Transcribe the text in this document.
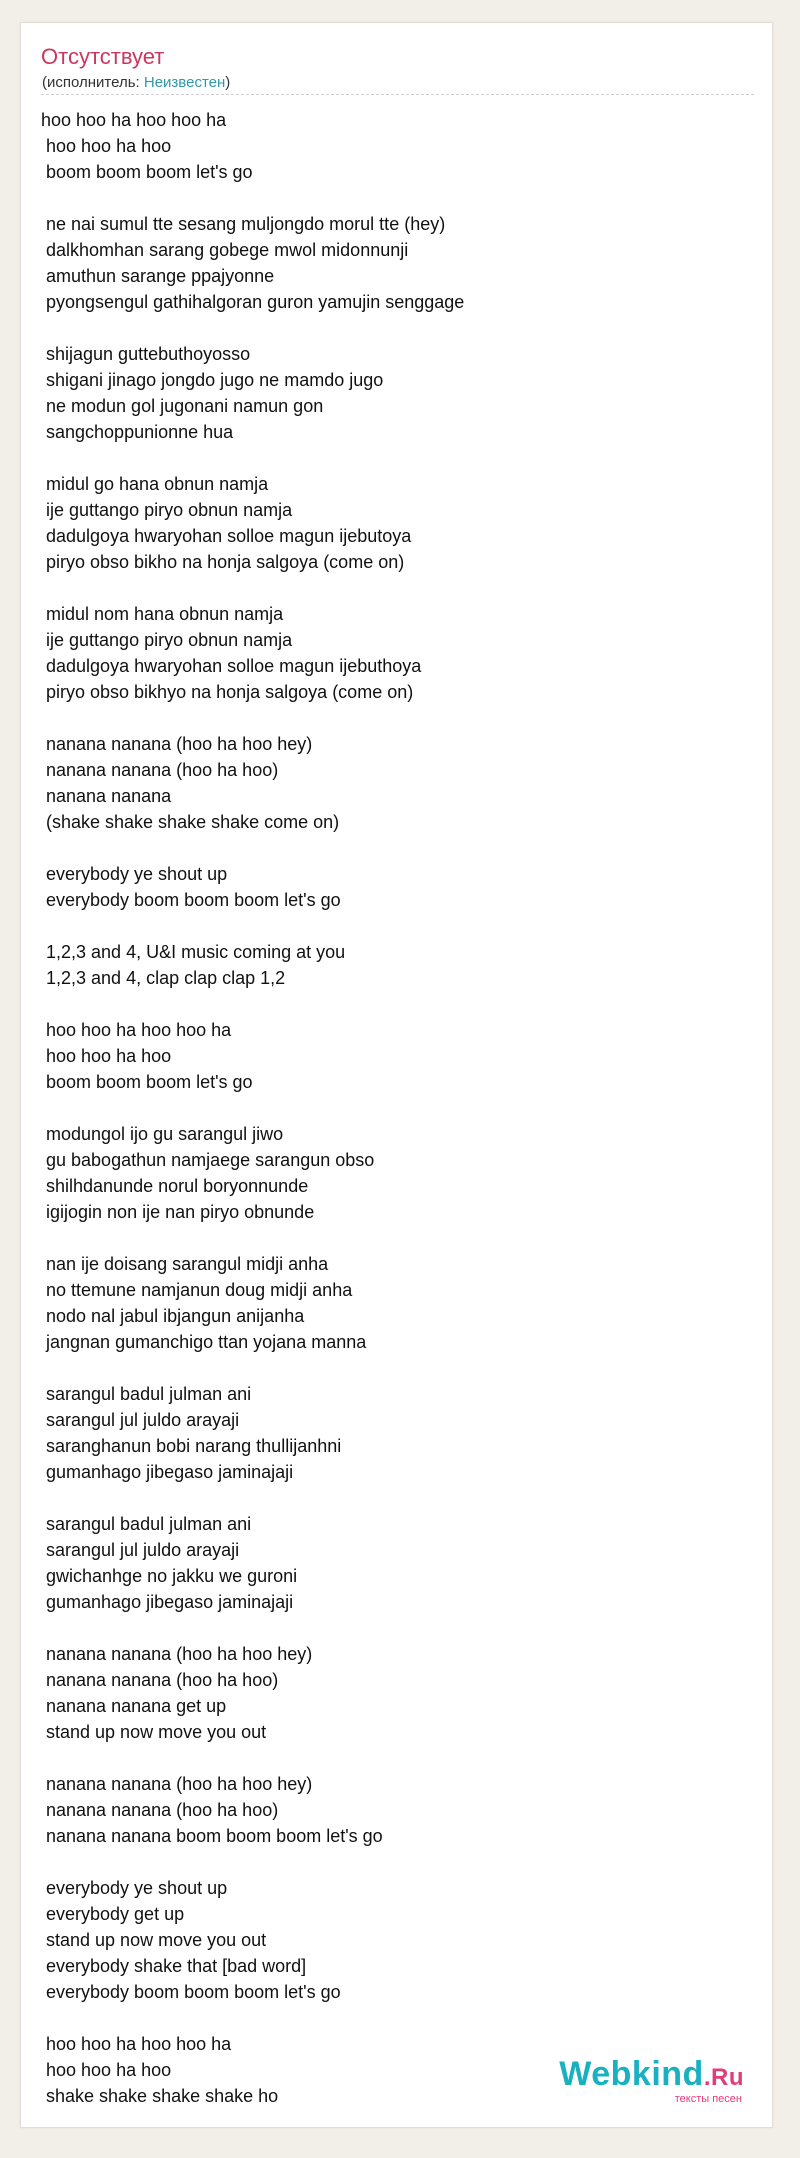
Отсутствует
(исполнитель: Неизвестен)
hoo hoo ha hoo hoo ha
hoo hoo ha hoo
boom boom boom let's go
ne nai sumul tte sesang muljongdo morul tte (hey)
dalkhomhan sarang gobege mwol midonnunji
amuthun sarange ppajyonne
pyongsengul gathihalgoran guron yamujin senggage
shijagun guttebuthoyosso
shigani jinago jongdo jugo ne mamdo jugo
ne modun gol jugonani namun gon
sangchoppunionne hua
midul go hana obnun namja
ije guttango piryo obnun namja
dadulgoya hwaryohan solloe magun ijebutoya
piryo obso bikho na honja salgoya (come on)
midul nom hana obnun namja
ije guttango piryo obnun namja
dadulgoya hwaryohan solloe magun ijebuthoya
piryo obso bikhyo na honja salgoya (come on)
nanana nanana (hoo ha hoo hey)
nanana nanana (hoo ha hoo)
nanana nanana
(shake shake shake shake come on)
everybody ye shout up
everybody boom boom boom let's go
1,2,3 and 4, U&I music coming at you
1,2,3 and 4, clap clap clap 1,2
hoo hoo ha hoo hoo ha
hoo hoo ha hoo
boom boom boom let's go
modungol ijo gu sarangul jiwo
gu babogathun namjaege sarangun obso
shilhdanunde norul boryonnunde
igijogin non ije nan piryo obnunde
nan ije doisang sarangul midji anha
no ttemune namjanun doug midji anha
nodo nal jabul ibjangun anijanha
jangnan gumanchigo ttan yojana manna
sarangul badul julman ani
sarangul jul juldo arayaji
saranghanun bobi narang thullijanhni
gumanhago jibegaso jaminajaji
sarangul badul julman ani
sarangul jul juldo arayaji
gwichanhge no jakku we guroni
gumanhago jibegaso jaminajaji
nanana nanana (hoo ha hoo hey)
nanana nanana (hoo ha hoo)
nanana nanana get up
stand up now move you out
nanana nanana (hoo ha hoo hey)
nanana nanana (hoo ha hoo)
nanana nanana boom boom boom let's go
everybody ye shout up
everybody get up
stand up now move you out
everybody shake that [bad word]
everybody boom boom boom let's go
hoo hoo ha hoo hoo ha
hoo hoo ha hoo
shake shake shake shake ho
Webkind.Ru
тексты песен
